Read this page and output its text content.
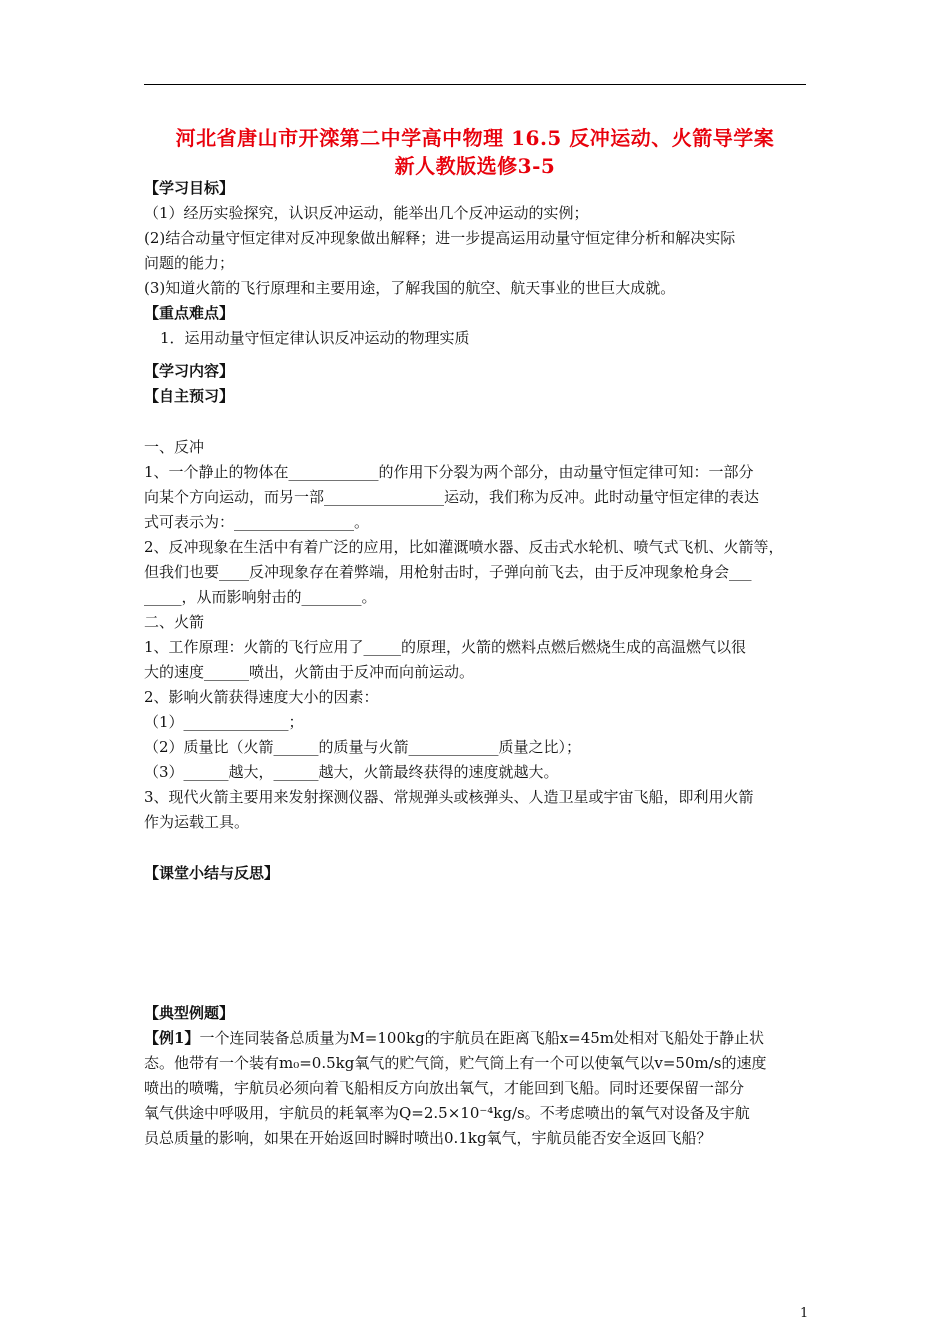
河北省唐山市开滦第二中学高中物理 16.5 反冲运动、火箭导学案
新人教版选修3-5

【学习目标】

（1）经历实验探究，认识反冲运动，能举出几个反冲运动的实例；

(2)结合动量守恒定律对反冲现象做出解释；进一步提高运用动量守恒定律分析和解决实际

问题的能力；

(3)知道火箭的飞行原理和主要用途，了解我国的航空、航天事业的世巨大成就。

【重点难点】

1．运用动量守恒定律认识反冲运动的物理实质

【学习内容】

【自主预习】

一、反冲

1、一个静止的物体在____________的作用下分裂为两个部分，由动量守恒定律可知：一部分

向某个方向运动，而另一部________________运动，我们称为反冲。此时动量守恒定律的表达

式可表示为：________________。

2、反冲现象在生活中有着广泛的应用，比如灌溉喷水器、反击式水轮机、喷气式飞机、火箭等，

但我们也要____反冲现象存在着弊端，用枪射击时，子弹向前飞去，由于反冲现象枪身会___

_____，从而影响射击的________。

二、火箭

1、工作原理：火箭的飞行应用了_____的原理，火箭的燃料点燃后燃烧生成的高温燃气以很

大的速度______喷出，火箭由于反冲而向前运动。

2、影响火箭获得速度大小的因素：

（1）______________；

（2）质量比（火箭______的质量与火箭____________质量之比）；

（3）______越大，______越大，火箭最终获得的速度就越大。

3、现代火箭主要用来发射探测仪器、常规弹头或核弹头、人造卫星或宇宙飞船，即利用火箭

作为运载工具。

【课堂小结与反思】

【典型例题】

【例1】一个连同装备总质量为M=100kg的宇航员在距离飞船x=45m处相对飞船处于静止状

态。他带有一个装有m₀=0.5kg氧气的贮气筒，贮气筒上有一个可以使氧气以v=50m/s的速度

喷出的喷嘴，宇航员必须向着飞船相反方向放出氧气，才能回到飞船。同时还要保留一部分

氧气供途中呼吸用，宇航员的耗氧率为Q=2.5×10⁻⁴kg/s。不考虑喷出的氧气对设备及宇航

员总质量的影响，如果在开始返回时瞬时喷出0.1kg氧气，宇航员能否安全返回飞船？

1
